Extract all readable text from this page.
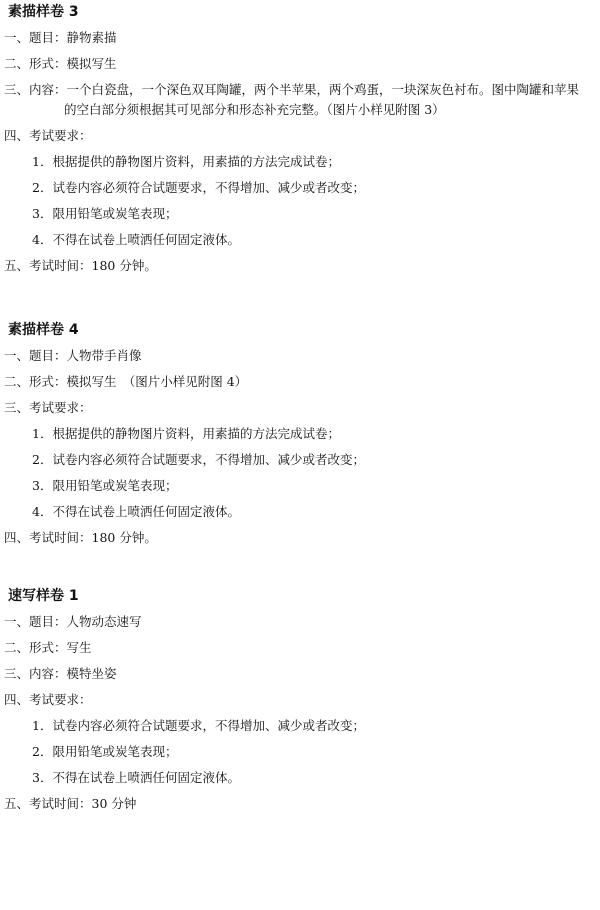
素描样卷 3
一、题目：静物素描
二、形式：模拟写生
三、内容：一个白瓷盘，一个深色双耳陶罐，两个半苹果，两个鸡蛋，一块深灰色衬布。图中陶罐和苹果的空白部分须根据其可见部分和形态补充完整。（图片小样见附图 3）
四、考试要求：
1．根据提供的静物图片资料，用素描的方法完成试卷；
2．试卷内容必须符合试题要求，不得增加、减少或者改变；
3．限用铅笔或炭笔表现；
4．不得在试卷上喷洒任何固定液体。
五、考试时间：180 分钟。
素描样卷 4
一、题目：人物带手肖像
二、形式：模拟写生　（图片小样见附图 4）
三、考试要求：
1．根据提供的静物图片资料，用素描的方法完成试卷；
2．试卷内容必须符合试题要求，不得增加、减少或者改变；
3．限用铅笔或炭笔表现；
4．不得在试卷上喷洒任何固定液体。
四、考试时间：180 分钟。
速写样卷 1
一、题目：人物动态速写
二、形式：写生
三、内容：模特坐姿
四、考试要求：
1．试卷内容必须符合试题要求，不得增加、减少或者改变；
2．限用铅笔或炭笔表现；
3．不得在试卷上喷洒任何固定液体。
五、考试时间：30 分钟
